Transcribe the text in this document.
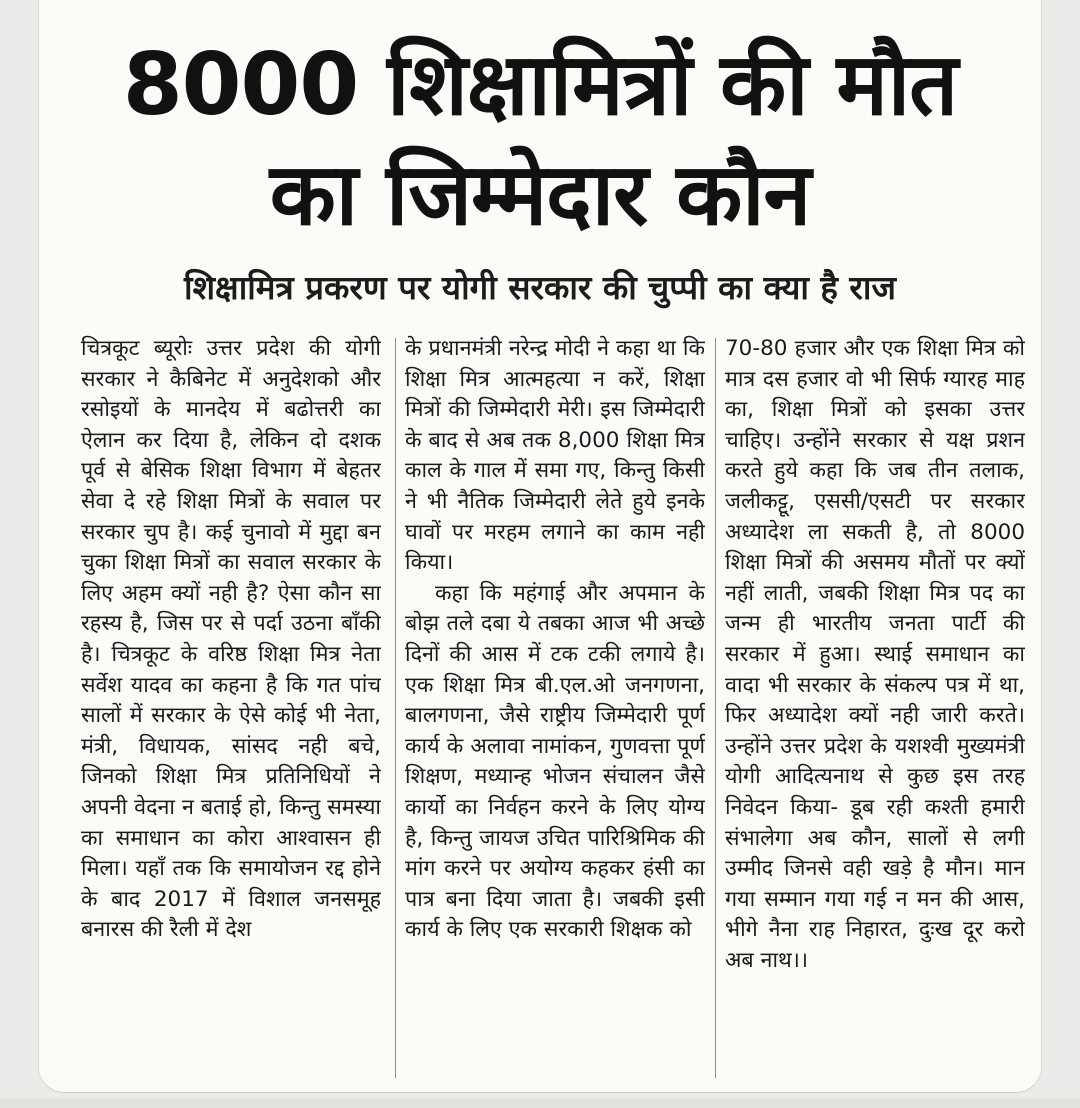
8000 शिक्षामित्रों की मौत
का जिम्मेदार कौन
शिक्षामित्र प्रकरण पर योगी सरकार की चुप्पी का क्या है राज

चित्रकूट ब्यूरोः उत्तर प्रदेश की योगी सरकार ने कैबिनेट में अनुदेशको और रसोइयों के मानदेय में बढोत्तरी का ऐलान कर दिया है, लेकिन दो दशक पूर्व से बेसिक शिक्षा विभाग में बेहतर सेवा दे रहे शिक्षा मित्रों के सवाल पर सरकार चुप है। कई चुनावो में मुद्दा बन चुका शिक्षा मित्रों का सवाल सरकार के लिए अहम क्यों नही है? ऐसा कौन सा रहस्य है, जिस पर से पर्दा उठना बाँकी है। चित्रकूट के वरिष्ठ शिक्षा मित्र नेता सर्वेश यादव का कहना है कि गत पांच सालों में सरकार के ऐसे कोई भी नेता, मंत्री, विधायक, सांसद नही बचे, जिनको शिक्षा मित्र प्रतिनिधियों ने अपनी वेदना न बताई हो, किन्तु समस्या का समाधान का कोरा आश्वासन ही मिला। यहाँ तक कि समायोजन रद्द होने के बाद 2017 में विशाल जनसमूह बनारस की रैली में देश

के प्रधानमंत्री नरेन्द्र मोदी ने कहा था कि शिक्षा मित्र आत्महत्या न करें, शिक्षा मित्रों की जिम्मेदारी मेरी। इस जिम्मेदारी के बाद से अब तक 8,000 शिक्षा मित्र काल के गाल में समा गए, किन्तु किसी ने भी नैतिक जिम्मेदारी लेते हुये इनके घावों पर मरहम लगाने का काम नही किया।

कहा कि महंगाई और अपमान के बोझ तले दबा ये तबका आज भी अच्छे दिनों की आस में टक टकी लगाये है। एक शिक्षा मित्र बी.एल.ओ जनगणना, बालगणना, जैसे राष्ट्रीय जिम्मेदारी पूर्ण कार्य के अलावा नामांकन, गुणवत्ता पूर्ण शिक्षण, मध्यान्ह भोजन संचालन जैसे कार्यो का निर्वहन करने के लिए योग्य है, किन्तु जायज उचित पारिश्रिमिक की मांग करने पर अयोग्य कहकर हंसी का पात्र बना दिया जाता है। जबकी इसी कार्य के लिए एक सरकारी शिक्षक को

70-80 हजार और एक शिक्षा मित्र को मात्र दस हजार वो भी सिर्फ ग्यारह माह का, शिक्षा मित्रों को इसका उत्तर चाहिए। उन्होंने सरकार से यक्ष प्रशन करते हुये कहा कि जब तीन तलाक, जलीकट्टू, एससी/एसटी पर सरकार अध्यादेश ला सकती है, तो 8000 शिक्षा मित्रों की असमय मौतों पर क्यों नहीं लाती, जबकी शिक्षा मित्र पद का जन्म ही भारतीय जनता पार्टी की सरकार में हुआ। स्थाई समाधान का वादा भी सरकार के संकल्प पत्र में था, फिर अध्यादेश क्यों नही जारी करते। उन्होंने उत्तर प्रदेश के यशश्वी मुख्यमंत्री योगी आदित्यनाथ से कुछ इस तरह निवेदन किया- डूब रही कश्ती हमारी संभालेगा अब कौन, सालों से लगी उम्मीद जिनसे वही खड़े है मौन। मान गया सम्मान गया गई न मन की आस, भीगे नैना राह निहारत, दुःख दूर करो अब नाथ।।
